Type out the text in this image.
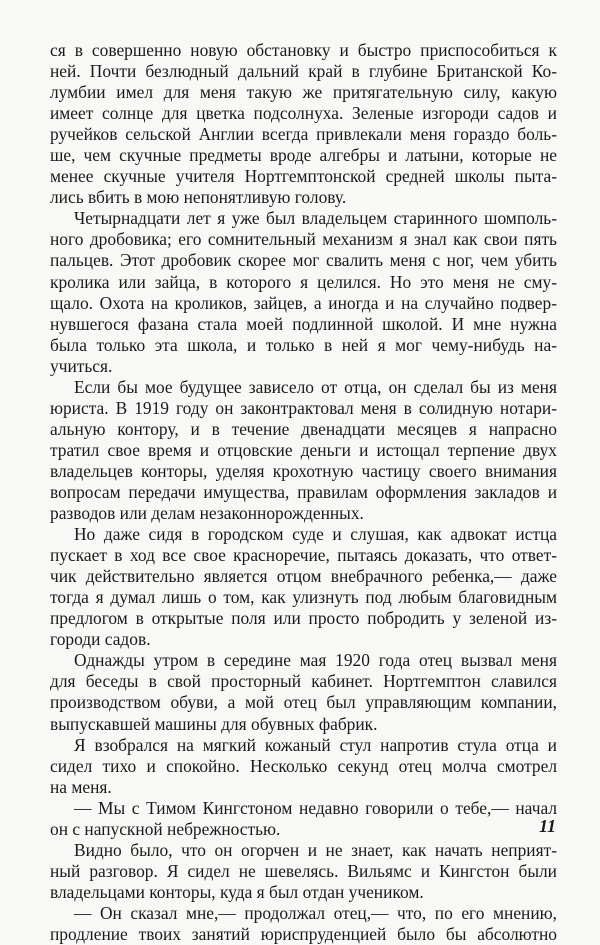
ся в совершенно новую обстановку и быстро приспособиться к
ней. Почти безлюдный дальний край в глубине Британской Ко-
лумбии имел для меня такую же притягательную силу, какую
имеет солнце для цветка подсолнуха. Зеленые изгороди садов и
ручейков сельской Англии всегда привлекали меня гораздо боль-
ше, чем скучные предметы вроде алгебры и латыни, которые не
менее скучные учителя Нортгемптонской средней школы пыта-
лись вбить в мою непонятливую голову.
Четырнадцати лет я уже был владельцем старинного шомполь-
ного дробовика; его сомнительный механизм я знал как свои пять
пальцев. Этот дробовик скорее мог свалить меня с ног, чем убить
кролика или зайца, в которого я целился. Но это меня не сму-
щало. Охота на кроликов, зайцев, а иногда и на случайно подвер-
нувшегося фазана стала моей подлинной школой. И мне нужна
была только эта школа, и только в ней я мог чему-нибудь на-
учиться.
Если бы мое будущее зависело от отца, он сделал бы из меня
юриста. В 1919 году он законтрактовал меня в солидную нотари-
альную контору, и в течение двенадцати месяцев я напрасно
тратил свое время и отцовские деньги и истощал терпение двух
владельцев конторы, уделяя крохотную частицу своего внимания
вопросам передачи имущества, правилам оформления закладов и
разводов или делам незаконнорожденных.
Но даже сидя в городском суде и слушая, как адвокат истца
пускает в ход все свое красноречие, пытаясь доказать, что ответ-
чик действительно является отцом внебрачного ребенка,— даже
тогда я думал лишь о том, как улизнуть под любым благовидным
предлогом в открытые поля или просто побродить у зеленой из-
городи садов.
Однажды утром в середине мая 1920 года отец вызвал меня
для беседы в свой просторный кабинет. Нортгемптон славился
производством обуви, а мой отец был управляющим компании,
выпускавшей машины для обувных фабрик.
Я взобрался на мягкий кожаный стул напротив стула отца и
сидел тихо и спокойно. Несколько секунд отец молча смотрел
на меня.
— Мы с Тимом Кингстоном недавно говорили о тебе,— начал
он с напускной небрежностью.
Видно было, что он огорчен и не знает, как начать неприят-
ный разговор. Я сидел не шевелясь. Вильямс и Кингстон были
владельцами конторы, куда я был отдан учеником.
— Он сказал мне,— продолжал отец,— что, по его мнению,
продление твоих занятий юриспруденцией было бы абсолютно
11
